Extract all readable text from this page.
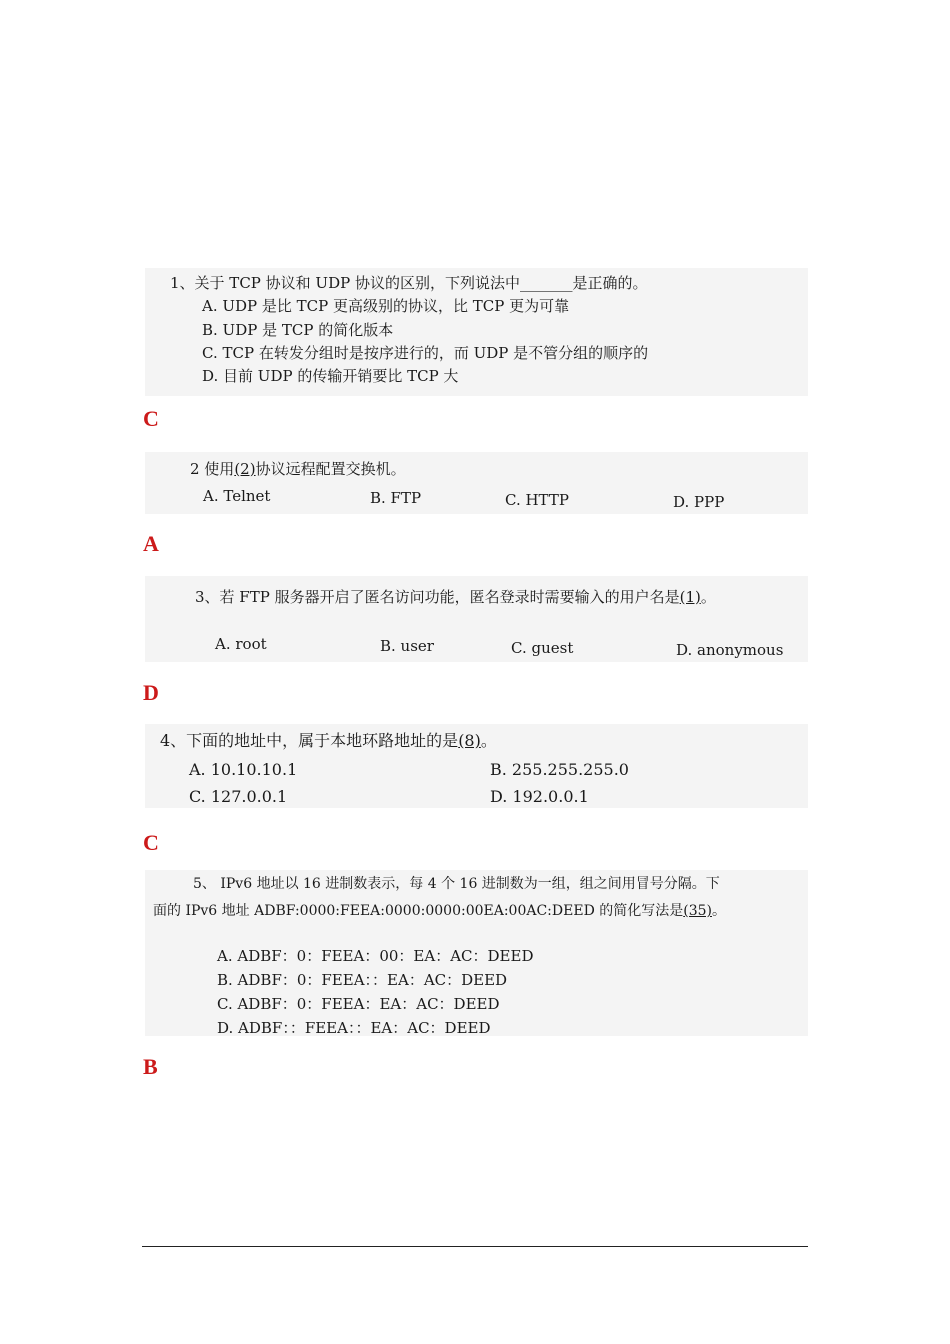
1、关于 TCP 协议和 UDP 协议的区别，下列说法中_______是正确的。
A. UDP 是比 TCP 更高级别的协议，比 TCP 更为可靠
B. UDP 是 TCP 的简化版本
C. TCP 在转发分组时是按序进行的，而 UDP 是不管分组的顺序的
D. 目前 UDP 的传输开销要比 TCP 大
C
2 使用(2)协议远程配置交换机。
A. Telnet	B. FTP	C. HTTP	D. PPP
A
3、若 FTP 服务器开启了匿名访问功能，匿名登录时需要输入的用户名是(1)。
A. root	B. user	C. guest	D. anonymous
D
4、下面的地址中，属于本地环路地址的是(8)。
A. 10.10.10.1	B. 255.255.255.0
C. 127.0.0.1	D. 192.0.0.1
C
5、 IPv6 地址以 16 进制数表示，每 4 个 16 进制数为一组，组之间用冒号分隔。下
面的 IPv6 地址 ADBF:0000:FEEA:0000:0000:00EA:00AC:DEED 的简化写法是(35)。
A. ADBF：0：FEEA：00：EA：AC：DEED
B. ADBF：0：FEEA：：EA：AC：DEED
C. ADBF：0：FEEA：EA：AC：DEED
D. ADBF：：FEEA：：EA：AC：DEED
B
